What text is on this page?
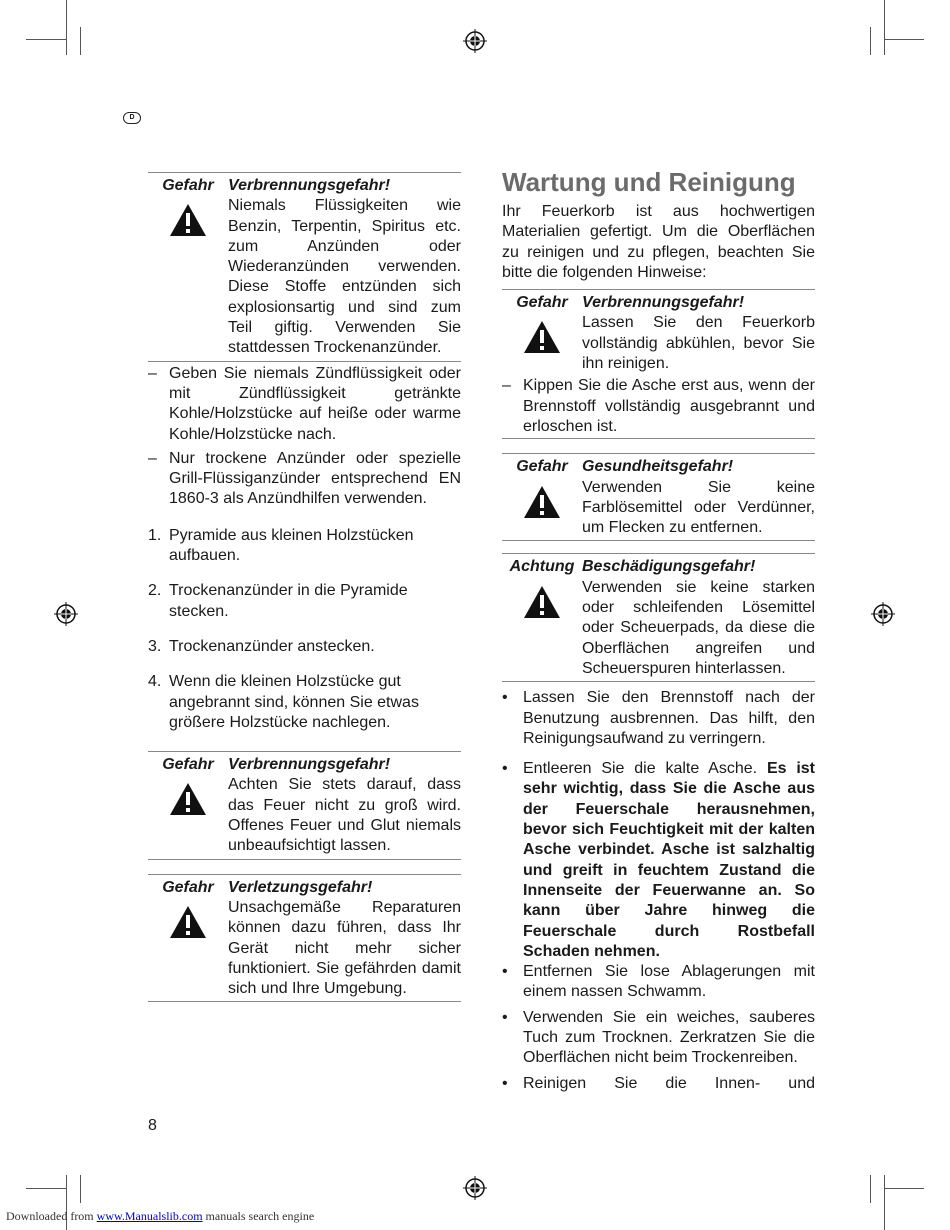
D
Gefahr Verbrennungsgefahr!
Niemals Flüssigkeiten wie Benzin, Terpentin, Spiritus etc. zum Anzünden oder Wiederanzünden verwenden. Diese Stoffe entzünden sich explosionsartig und sind zum Teil giftig. Verwenden Sie stattdessen Trockenanzünder.
– Geben Sie niemals Zündflüssigkeit oder mit Zündflüssigkeit getränkte Kohle/Holzstücke auf heiße oder warme Kohle/Holzstücke nach.
– Nur trockene Anzünder oder spezielle Grill-Flüssiganzünder entsprechend EN 1860-3 als Anzündhilfen verwenden.
1. Pyramide aus kleinen Holzstücken aufbauen.
2. Trockenanzünder in die Pyramide stecken.
3. Trockenanzünder anstecken.
4. Wenn die kleinen Holzstücke gut angebrannt sind, können Sie etwas größere Holzstücke nachlegen.
Gefahr Verbrennungsgefahr!
Achten Sie stets darauf, dass das Feuer nicht zu groß wird. Offenes Feuer und Glut niemals unbeaufsichtigt lassen.
Gefahr Verletzungsgefahr!
Unsachgemäße Reparaturen können dazu führen, dass Ihr Gerät nicht mehr sicher funktioniert. Sie gefährden damit sich und Ihre Umgebung.
Wartung und Reinigung
Ihr Feuerkorb ist aus hochwertigen Materialien gefertigt. Um die Oberflächen zu reinigen und zu pflegen, beachten Sie bitte die folgenden Hinweise:
Gefahr Verbrennungsgefahr!
Lassen Sie den Feuerkorb vollständig abkühlen, bevor Sie ihn reinigen.
– Kippen Sie die Asche erst aus, wenn der Brennstoff vollständig ausgebrannt und erloschen ist.
Gefahr Gesundheitsgefahr!
Verwenden Sie keine Farblösemittel oder Verdünner, um Flecken zu entfernen.
Achtung Beschädigungsgefahr!
Verwenden sie keine starken oder schleifenden Lösemittel oder Scheuerpads, da diese die Oberflächen angreifen und Scheuerspuren hinterlassen.
• Lassen Sie den Brennstoff nach der Benutzung ausbrennen. Das hilft, den Reinigungsaufwand zu verringern.
• Entleeren Sie die kalte Asche. Es ist sehr wichtig, dass Sie die Asche aus der Feuerschale herausnehmen, bevor sich Feuchtigkeit mit der kalten Asche verbindet. Asche ist salzhaltig und greift in feuchtem Zustand die Innenseite der Feuerwanne an. So kann über Jahre hinweg die Feuerschale durch Rostbefall Schaden nehmen.
• Entfernen Sie lose Ablagerungen mit einem nassen Schwamm.
• Verwenden Sie ein weiches, sauberes Tuch zum Trocknen. Zerkratzen Sie die Oberflächen nicht beim Trockenreiben.
• Reinigen Sie die Innen- und
8
Downloaded from www.Manualslib.com manuals search engine
